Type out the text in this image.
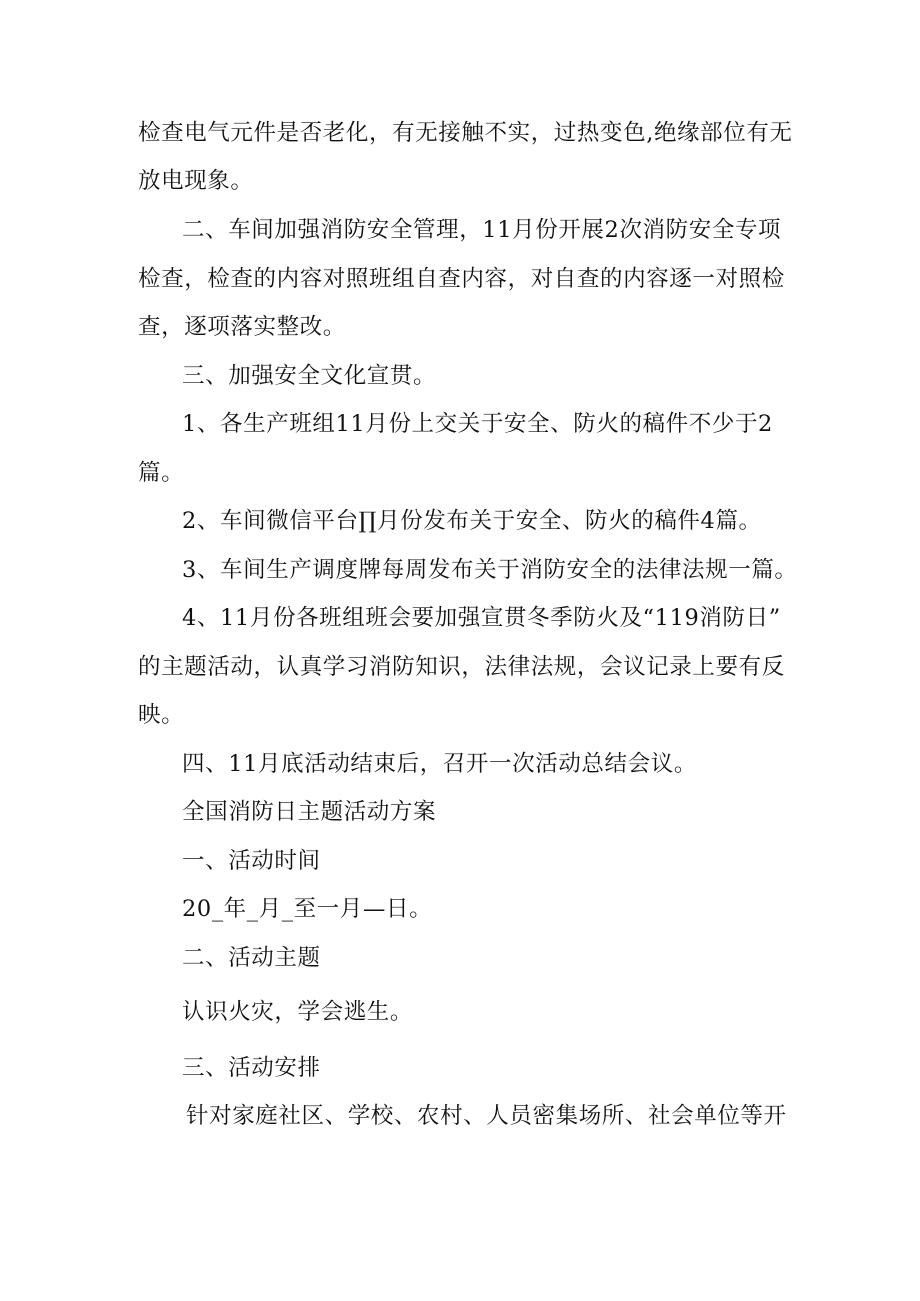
检查电气元件是否老化，有无接触不实，过热变色,绝缘部位有无
放电现象。
二、车间加强消防安全管理，11月份开展2次消防安全专项
检查，检查的内容对照班组自查内容，对自查的内容逐一对照检
查，逐项落实整改。
三、加强安全文化宣贯。
1、各生产班组11月份上交关于安全、防火的稿件不少于2
篇。
2、车间微信平台∏月份发布关于安全、防火的稿件4篇。
3、车间生产调度牌每周发布关于消防安全的法律法规一篇。
4、11月份各班组班会要加强宣贯冬季防火及“119消防日”
的主题活动，认真学习消防知识，法律法规，会议记录上要有反
映。
四、11月底活动结束后，召开一次活动总结会议。
全国消防日主题活动方案
一、活动时间
20_年_月_至一月—日。
二、活动主题
认识火灾，学会逃生。
三、活动安排
针对家庭社区、学校、农村、人员密集场所、社会单位等开
